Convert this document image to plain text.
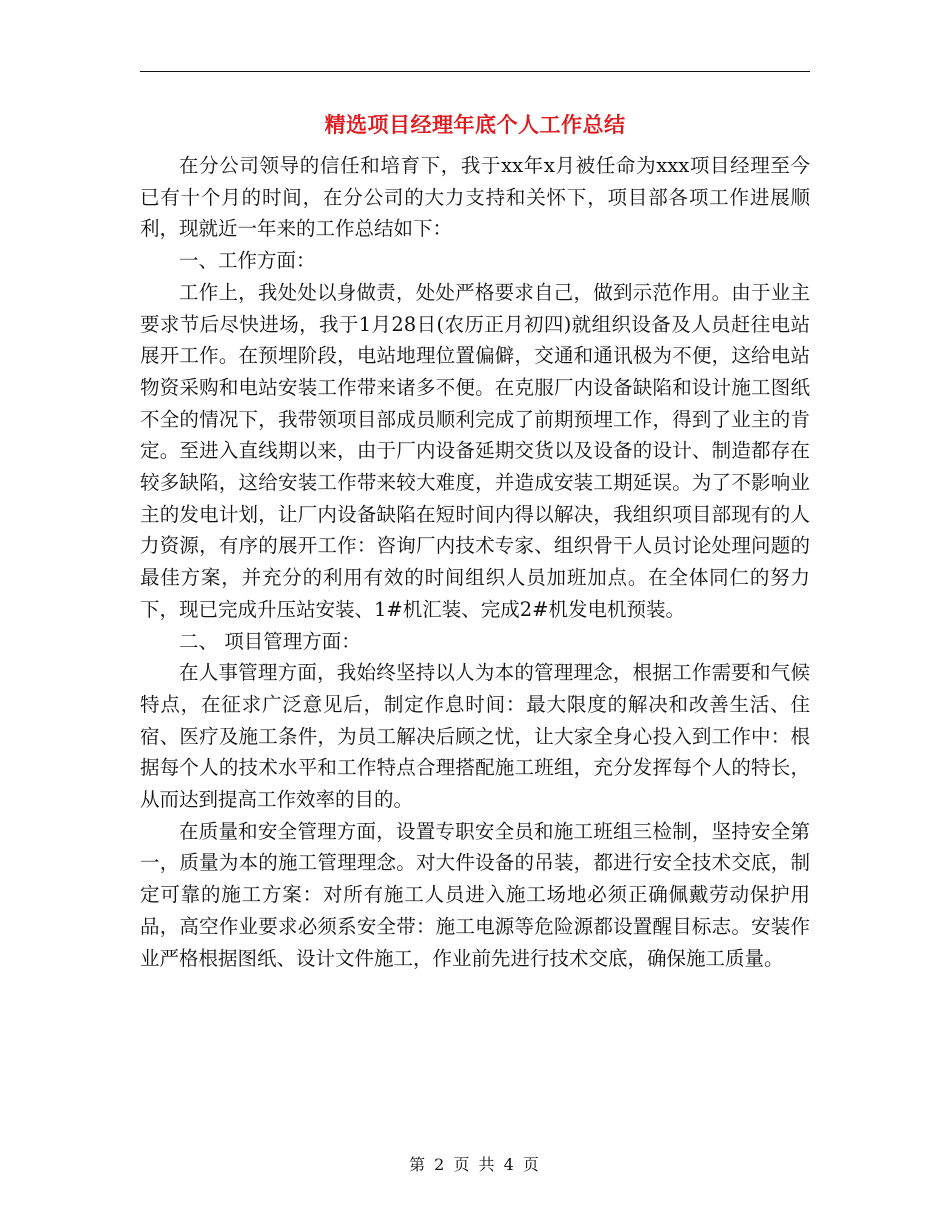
精选项目经理年底个人工作总结

在分公司领导的信任和培育下，我于xx年x月被任命为xxx项目经理至今已有十个月的时间，在分公司的大力支持和关怀下，项目部各项工作进展顺利，现就近一年来的工作总结如下：

一、工作方面：

工作上，我处处以身做责，处处严格要求自己，做到示范作用。由于业主要求节后尽快进场，我于1月28日(农历正月初四)就组织设备及人员赶往电站展开工作。在预埋阶段，电站地理位置偏僻，交通和通讯极为不便，这给电站物资采购和电站安装工作带来诸多不便。在克服厂内设备缺陷和设计施工图纸不全的情况下，我带领项目部成员顺利完成了前期预埋工作，得到了业主的肯定。至进入直线期以来，由于厂内设备延期交货以及设备的设计、制造都存在较多缺陷，这给安装工作带来较大难度，并造成安装工期延误。为了不影响业主的发电计划，让厂内设备缺陷在短时间内得以解决，我组织项目部现有的人力资源，有序的展开工作：咨询厂内技术专家、组织骨干人员讨论处理问题的最佳方案，并充分的利用有效的时间组织人员加班加点。在全体同仁的努力下，现已完成升压站安装、1#机汇装、完成2#机发电机预装。

二、 项目管理方面：

在人事管理方面，我始终坚持以人为本的管理理念，根据工作需要和气候特点，在征求广泛意见后，制定作息时间：最大限度的解决和改善生活、住宿、医疗及施工条件，为员工解决后顾之忧，让大家全身心投入到工作中：根据每个人的技术水平和工作特点合理搭配施工班组，充分发挥每个人的特长，从而达到提高工作效率的目的。

在质量和安全管理方面，设置专职安全员和施工班组三检制，坚持安全第一，质量为本的施工管理理念。对大件设备的吊装，都进行安全技术交底，制定可靠的施工方案：对所有施工人员进入施工场地必须正确佩戴劳动保护用品，高空作业要求必须系安全带：施工电源等危险源都设置醒目标志。安装作业严格根据图纸、设计文件施工，作业前先进行技术交底，确保施工质量。

第 2 页 共 4 页
